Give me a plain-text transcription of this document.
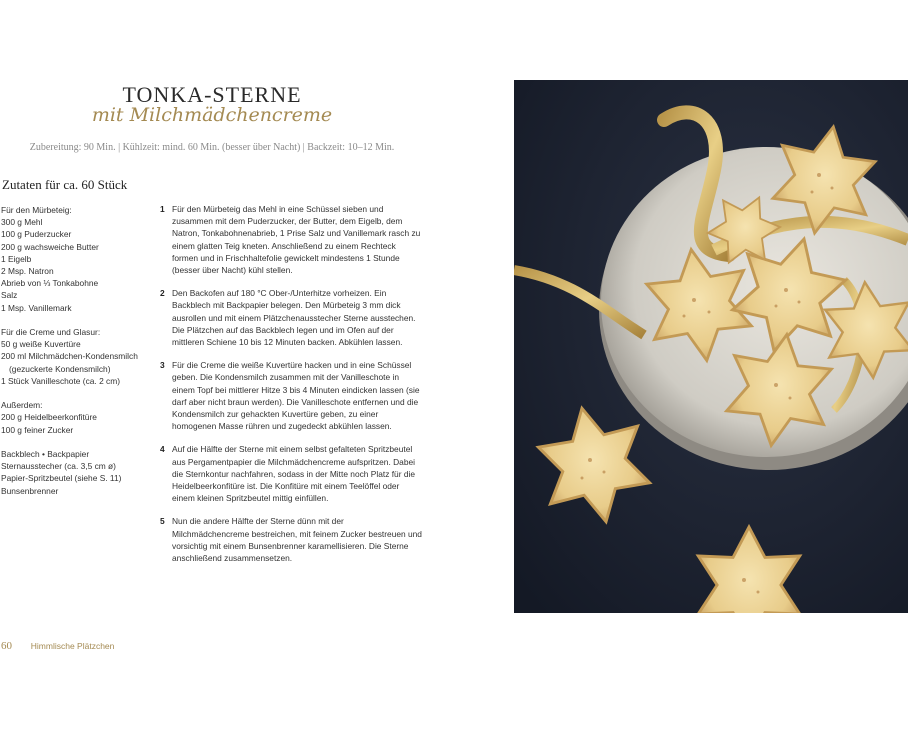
TONKA-STERNE
mit Milchmädchencreme
Zubereitung: 90 Min. | Kühlzeit: mind. 60 Min. (besser über Nacht) | Backzeit: 10–12 Min.
Zutaten für ca. 60 Stück
Für den Mürbeteig:
300 g Mehl
100 g Puderzucker
200 g wachsweiche Butter
1 Eigelb
2 Msp. Natron
Abrieb von ⅓ Tonkabohne
Salz
1 Msp. Vanillemark
Für die Creme und Glasur:
50 g weiße Kuvertüre
200 ml Milchmädchen-Kondensmilch
(gezuckerte Kondensmilch)
1 Stück Vanilleschote (ca. 2 cm)
Außerdem:
200 g Heidelbeerkonfitüre
100 g feiner Zucker
Backblech • Backpapier
Sternausstecher (ca. 3,5 cm ø)
Papier-Spritzbeutel (siehe S. 11)
Bunsenbrenner
1 Für den Mürbeteig das Mehl in eine Schüssel sieben und zusammen mit dem Puderzucker, der Butter, dem Eigelb, dem Natron, Tonkabohnenabrieb, 1 Prise Salz und Vanillemark rasch zu einem glatten Teig kneten. Anschließend zu einem Rechteck formen und in Frischhaltefolie gewickelt mindestens 1 Stunde (besser über Nacht) kühl stellen.
2 Den Backofen auf 180 °C Ober-/Unterhitze vorheizen. Ein Backblech mit Backpapier belegen. Den Mürbeteig 3 mm dick ausrollen und mit einem Plätzchenausstecher Sterne ausstechen. Die Plätzchen auf das Backblech legen und im Ofen auf der mittleren Schiene 10 bis 12 Minuten backen. Abkühlen lassen.
3 Für die Creme die weiße Kuvertüre hacken und in eine Schüssel geben. Die Kondensmilch zusammen mit der Vanilleschote in einem Topf bei mittlerer Hitze 3 bis 4 Minuten eindicken lassen (sie darf aber nicht braun werden). Die Vanilleschote entfernen und die Kondensmilch zur gehackten Kuvertüre geben, zu einer homogenen Masse rühren und zugedeckt abkühlen lassen.
4 Auf die Hälfte der Sterne mit einem selbst gefalteten Spritzbeutel aus Pergamentpapier die Milchmädchencreme aufspritzen. Dabei die Sternkontur nachfahren, sodass in der Mitte noch Platz für die Heidelbeerkonfitüre ist. Die Konfitüre mit einem Teelöffel oder einem kleinen Spritzbeutel mittig einfüllen.
5 Nun die andere Hälfte der Sterne dünn mit der Milchmädchencreme bestreichen, mit feinem Zucker bestreuen und vorsichtig mit einem Bunsenbrenner karamellisieren. Die Sterne anschließend zusammensetzen.
60 Himmlische Plätzchen
